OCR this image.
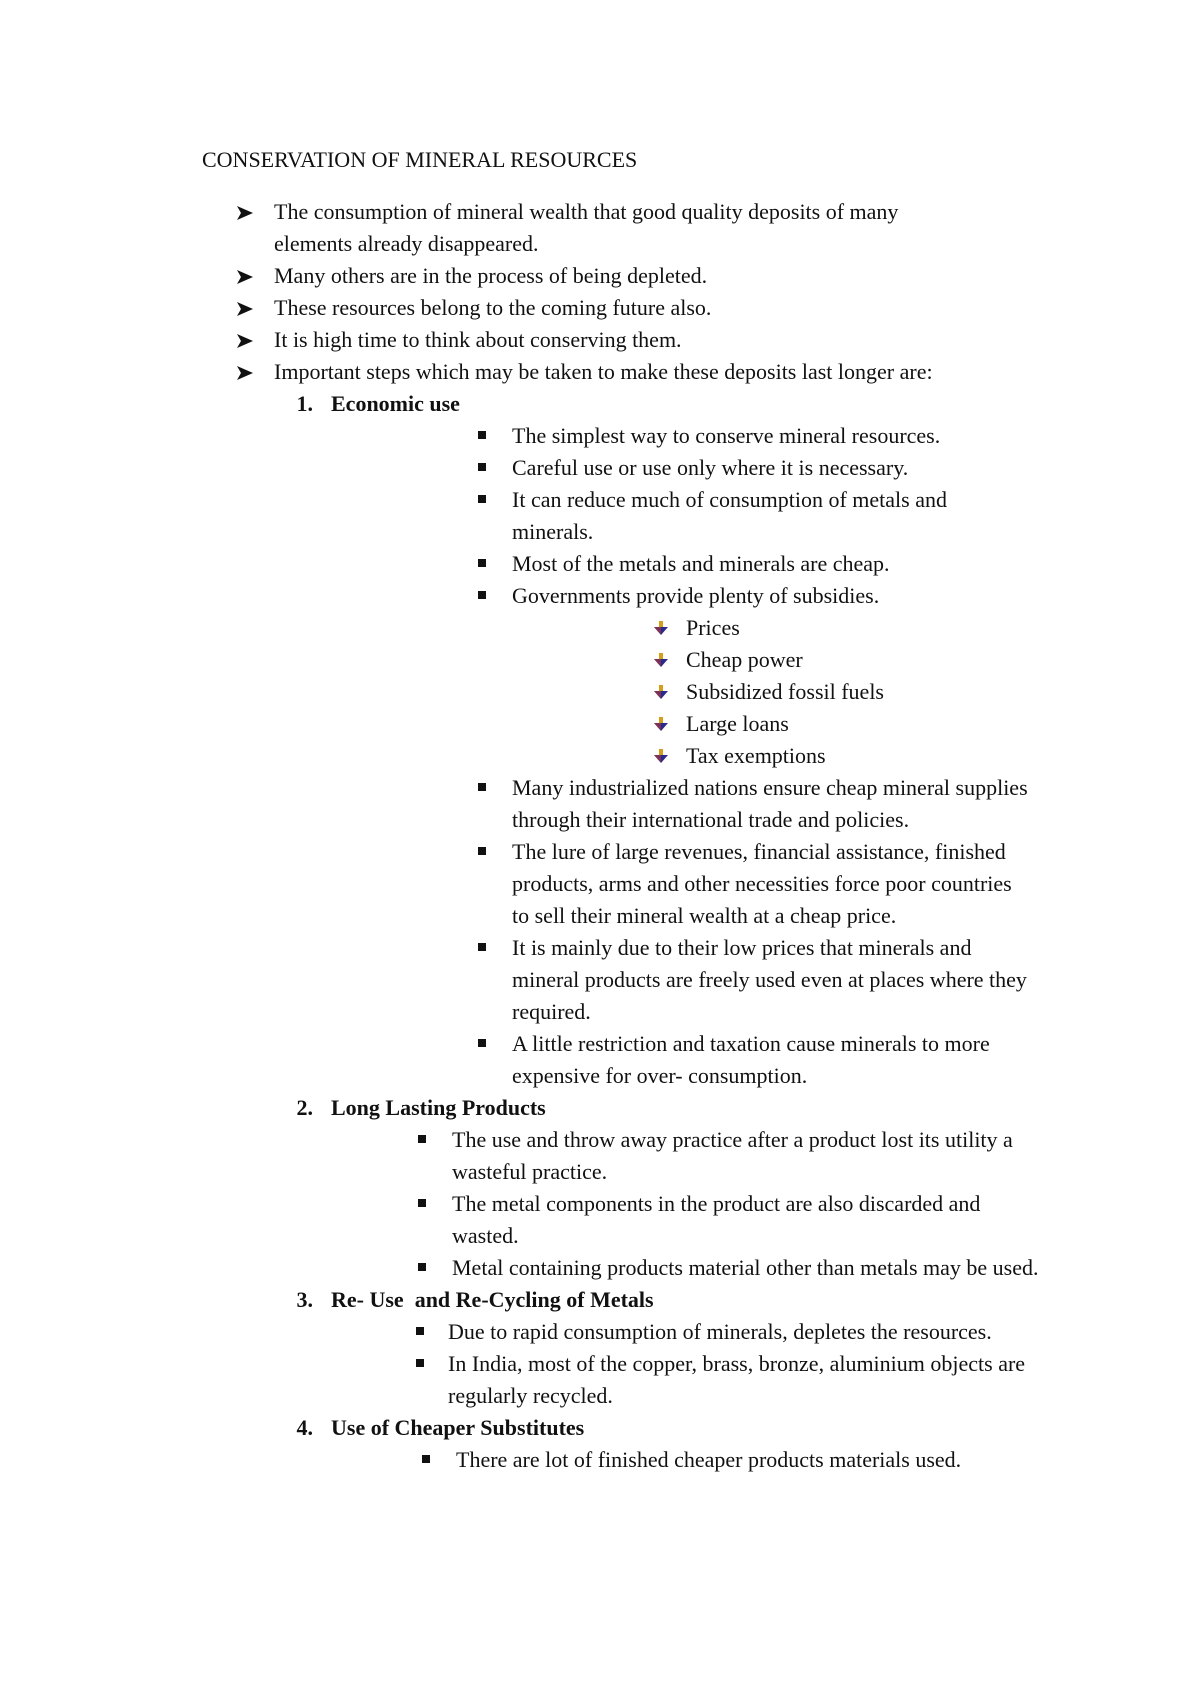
CONSERVATION OF MINERAL RESOURCES
The consumption of mineral wealth that good quality deposits of many elements already disappeared.
Many others are in the process of being depleted.
These resources belong to the coming future also.
It is high time to think about conserving them.
Important steps which may be taken to make these deposits last longer are:
1. Economic use
The simplest way to conserve mineral resources.
Careful use or use only where it is necessary.
It can reduce much of consumption of metals and minerals.
Most of the metals and minerals are cheap.
Governments provide plenty of subsidies.
Prices
Cheap power
Subsidized fossil fuels
Large loans
Tax exemptions
Many industrialized nations ensure cheap mineral supplies through their international trade and policies.
The lure of large revenues, financial assistance, finished products, arms and other necessities force poor countries to sell their mineral wealth at a cheap price.
It is mainly due to their low prices that minerals and mineral products are freely used even at places where they required.
A little restriction and taxation cause minerals to more expensive for over- consumption.
2. Long Lasting Products
The use and throw away practice after a product lost its utility a wasteful practice.
The metal components in the product are also discarded and wasted.
Metal containing products material other than metals may be used.
3. Re- Use  and Re-Cycling of Metals
Due to rapid consumption of minerals, depletes the resources.
In India, most of the copper, brass, bronze, aluminium objects are regularly recycled.
4. Use of Cheaper Substitutes
There are lot of finished cheaper products materials used.
